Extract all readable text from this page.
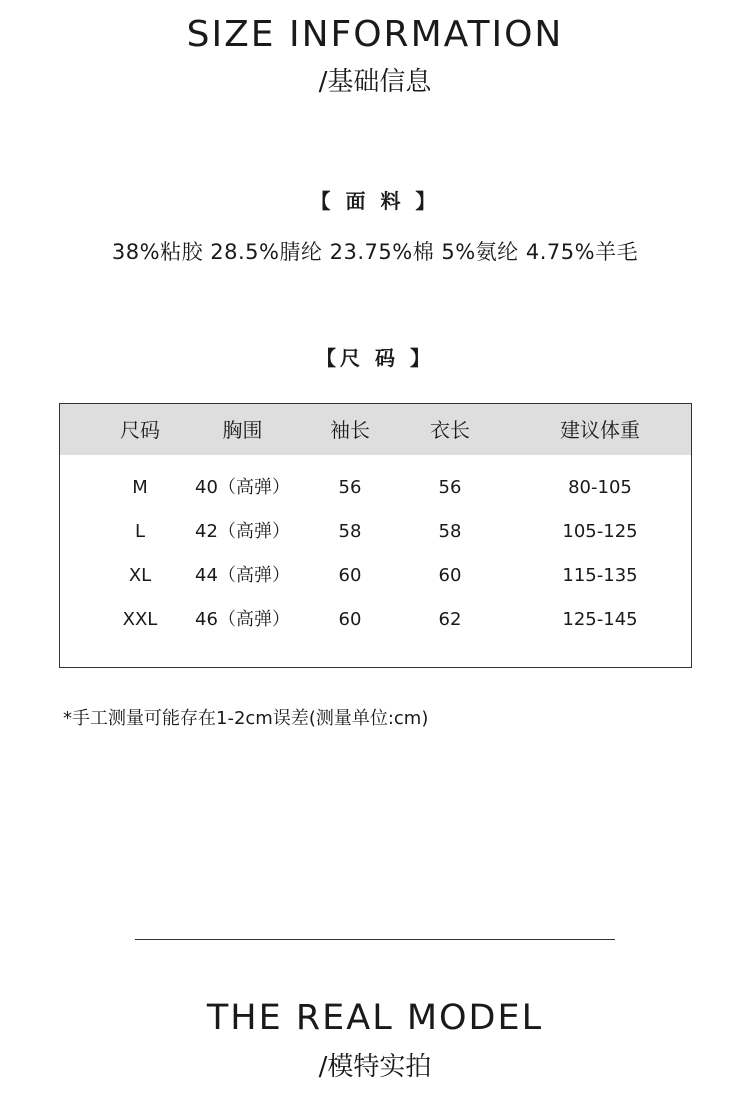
SIZE INFORMATION
/基础信息
【 面 料 】
38%粘胶 28.5%腈纶 23.75%棉 5%氨纶 4.75%羊毛
【尺 码 】
尺码	胸围	袖长	衣长	建议体重
M	40（高弹）	56	56	80-105
L	42（高弹）	58	58	105-125
XL	44（高弹）	60	60	115-135
XXL	46（高弹）	60	62	125-145
*手工测量可能存在1-2cm误差(测量单位:cm)
THE REAL MODEL
/模特实拍
